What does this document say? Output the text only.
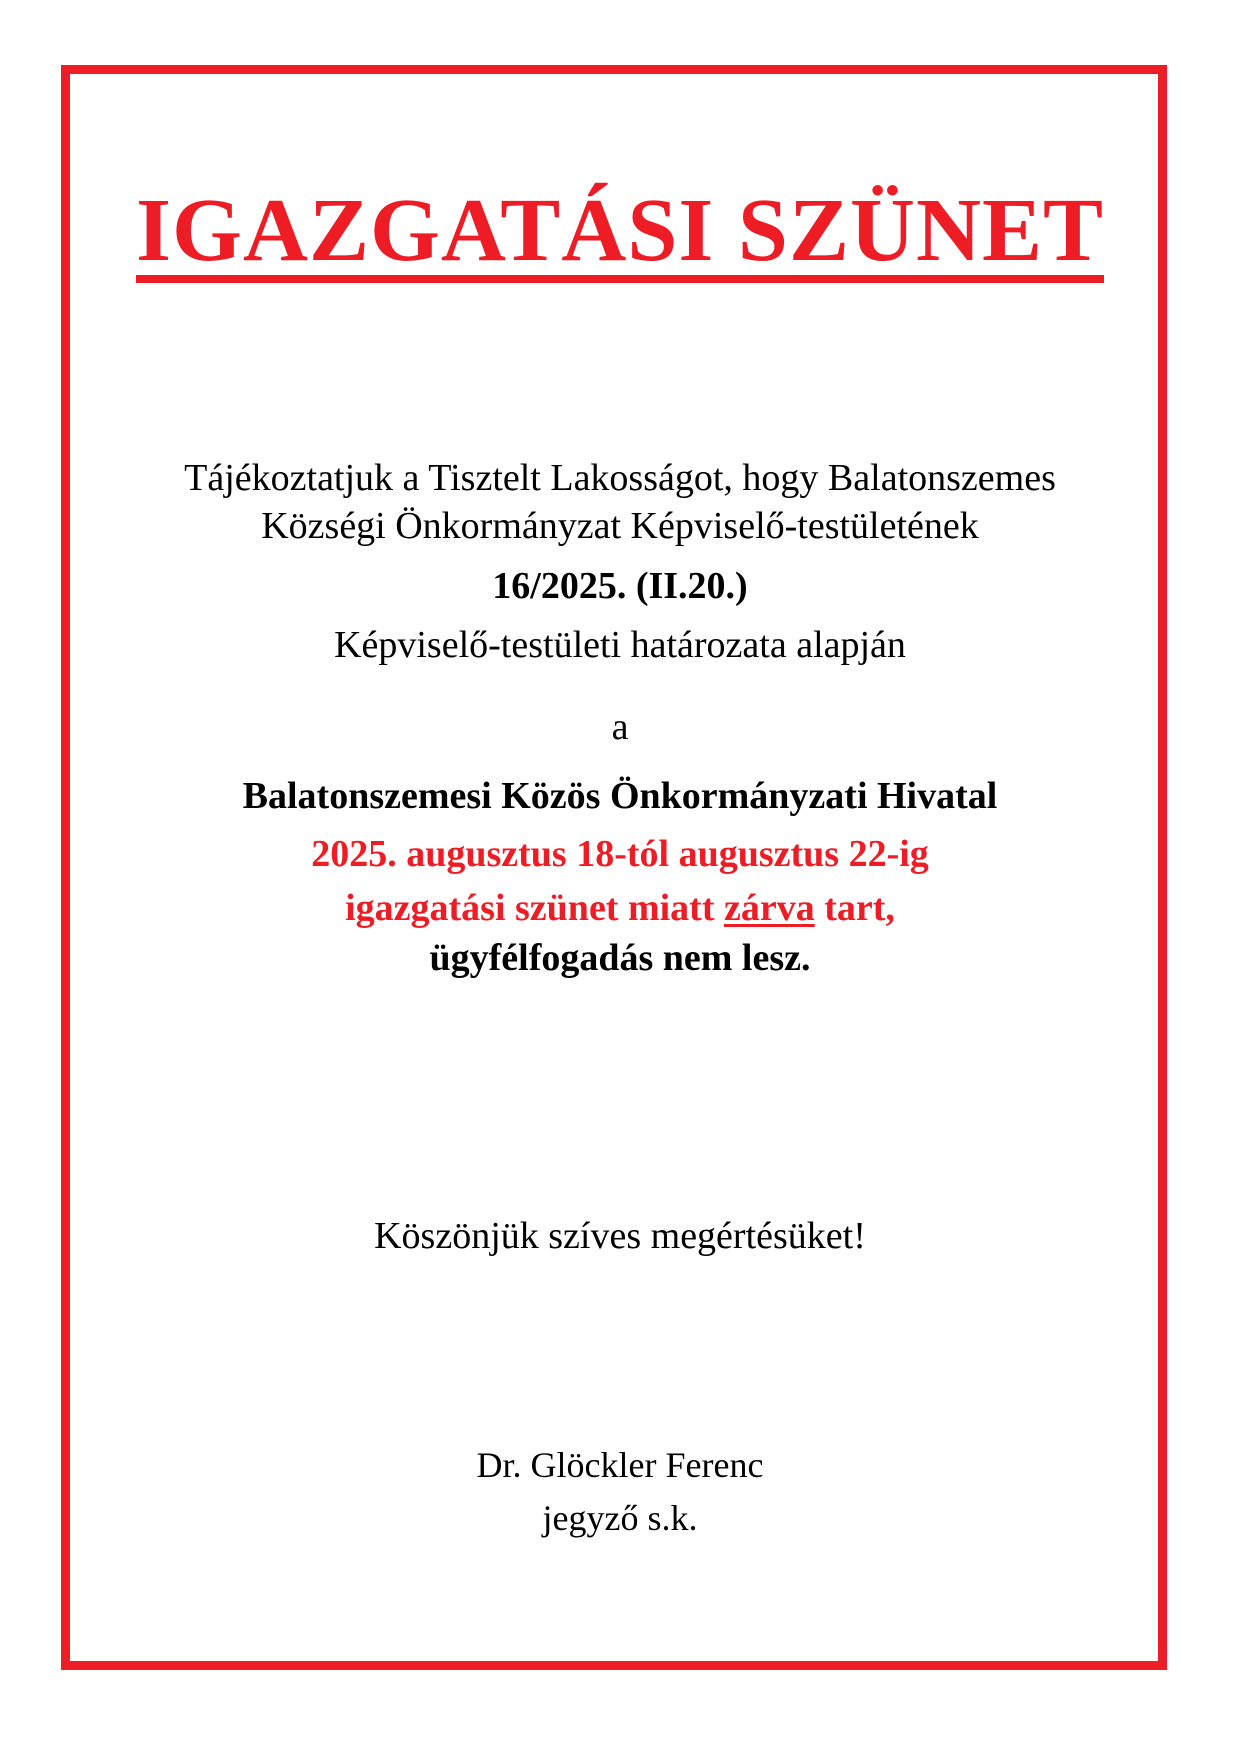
IGAZGATÁSI SZÜNET

Tájékoztatjuk a Tisztelt Lakosságot, hogy Balatonszemes

Községi Önkormányzat Képviselő-testületének

16/2025. (II.20.)

Képviselő-testületi határozata alapján

a

Balatonszemesi Közös Önkormányzati Hivatal

2025. augusztus 18-tól augusztus 22-ig

igazgatási szünet miatt zárva tart,

ügyfélfogadás nem lesz.

Köszönjük szíves megértésüket!

Dr. Glöckler Ferenc

jegyző s.k.
